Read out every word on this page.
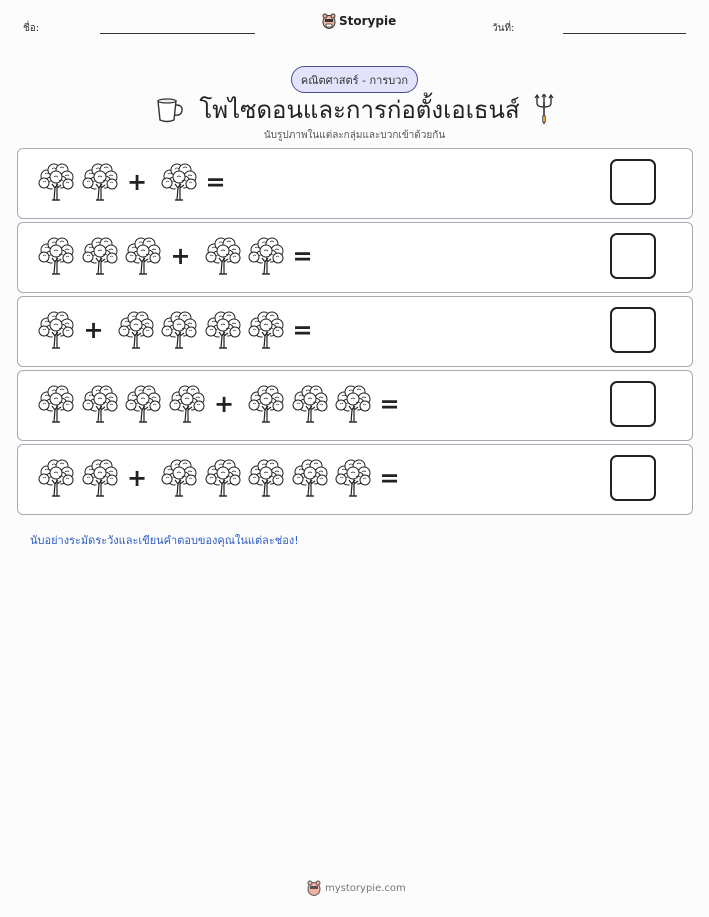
ชื่อ:
Storypie
วันที่:
คณิตศาสตร์ - การบวก
โพไซดอนและการก่อตั้งเอเธนส์
นับรูปภาพในแต่ละกลุ่มและบวกเข้าด้วยกัน
+ =
+	=
+	=
+	=
+	=
นับอย่างระมัดระวังและเขียนคำตอบของคุณในแต่ละช่อง!
mystorypie.com
